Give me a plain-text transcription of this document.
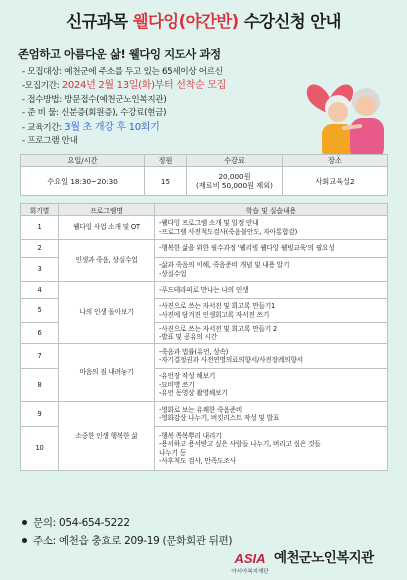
신규과목 웰다잉(야간반) 수강신청 안내
존엄하고 아름다운 삶! 웰다잉 지도사 과정
- 모집대상: 예천군에 주소를 두고 있는 65세이상 어르신
-모집기간: 2024년 2월 13일(화)부터 선착순 모집
- 접수방법: 방문접수(예천군노인복지관)
- 준 비 물: 신분증(회원증), 수강료(현금)
- 교육기간: 3월 초 개강 후 10회기
- 프로그램 안내
요일/시간	정원	수강료	장소
수요일 18:30~20:30	15	20,000원
(재료비 50,000원 제외)	사회교육실2
회기별	프로그램명	학습 및 실습내용
1	웰다잉 사업 소개 및 OT	-웰다잉 프로그램 소개 및 일정 안내
-프로그램 사전척도검사(죽음불안도, 자아통합감)

2	인생과 죽음, 상실수업	-행복한 삶을 위한 필수과정 '웰리빙 웰다잉 웰빙교육'의 필요성

3		-삶과 죽음의 이해, 죽음준비 개념 및 내용 알기
-상실수업

4	나의 인생 돌아보기	-푸드테라피로 만나는 나의 인생

5		-사진으로 쓰는 자서전 및 회고록 만들기1
-사진에 담겨진 인생회고록 자서전 쓰기

6		-사진으로 쓰는 자서전 및 회고록 만들기 2
-발표 및 공유의 시간

7	마음의 짐 내려놓기	-죽음과 법률(유언, 상속)
-자기결정권과 사전연명의료의향서/사전장례의향서

8		-유언장 작성 해보기
-묘비명 쓰기
-유언 동영상 촬영해보기

9	소중한 인생 행복한 삶	-영화로 보는 유쾌한 죽음준비
-영화감상 나누기, 버킷리스트 작성 및 발표

10		-행복 쪽복뿌리 내리기
-용서하고 용서받고 싶은 사람들 나누기, 버리고 싶은 것들
나누기 등
-사후척도 검사, 만족도조사
문의: 054-654-5222
주소: 예천읍 충효로 209-19 (문화회관 뒤편)
ASIA
아시아복지재단
예천군노인복지관
